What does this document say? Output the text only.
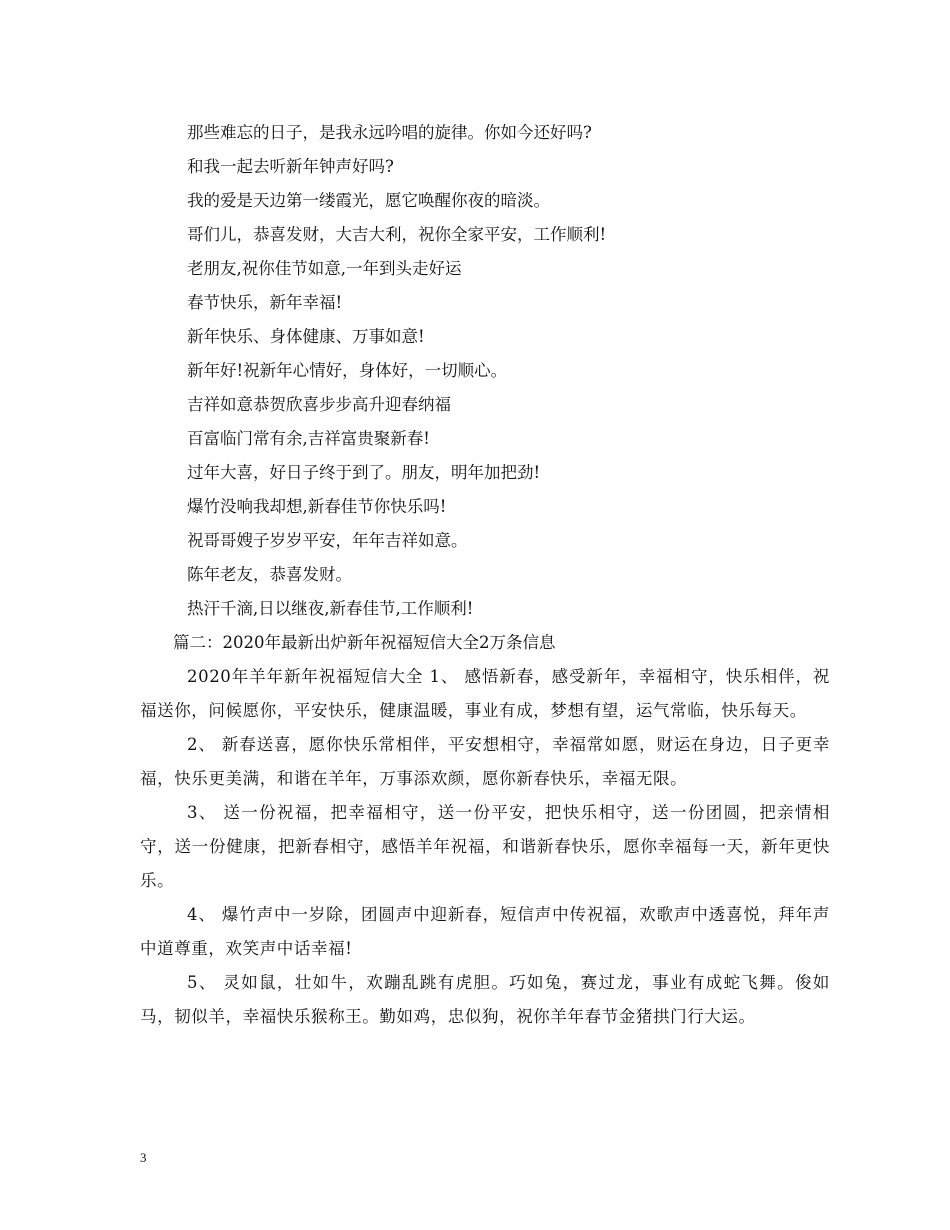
那些难忘的日子，是我永远吟唱的旋律。你如今还好吗?
和我一起去听新年钟声好吗?
我的爱是天边第一缕霞光，愿它唤醒你夜的暗淡。
哥们儿，恭喜发财，大吉大利，祝你全家平安，工作顺利!
老朋友,祝你佳节如意,一年到头走好运
春节快乐，新年幸福!
新年快乐、身体健康、万事如意!
新年好!祝新年心情好，身体好，一切顺心。
吉祥如意恭贺欣喜步步高升迎春纳福
百富临门常有余,吉祥富贵聚新春!
过年大喜，好日子终于到了。朋友，明年加把劲!
爆竹没响我却想,新春佳节你快乐吗!
祝哥哥嫂子岁岁平安，年年吉祥如意。
陈年老友，恭喜发财。
热汗千滴,日以继夜,新春佳节,工作顺利!
篇二：2020年最新出炉新年祝福短信大全2万条信息
2020年羊年新年祝福短信大全 1、 感悟新春，感受新年，幸福相守，快乐相伴，祝福送你，问候愿你，平安快乐，健康温暖，事业有成，梦想有望，运气常临，快乐每天。
2、 新春送喜，愿你快乐常相伴，平安想相守，幸福常如愿，财运在身边，日子更幸福，快乐更美满，和谐在羊年，万事添欢颜，愿你新春快乐，幸福无限。
3、 送一份祝福，把幸福相守，送一份平安，把快乐相守，送一份团圆，把亲情相守，送一份健康，把新春相守，感悟羊年祝福，和谐新春快乐，愿你幸福每一天，新年更快乐。
4、 爆竹声中一岁除，团圆声中迎新春，短信声中传祝福，欢歌声中透喜悦，拜年声中道尊重，欢笑声中话幸福!
5、 灵如鼠，壮如牛，欢蹦乱跳有虎胆。巧如兔，赛过龙，事业有成蛇飞舞。俊如马，韧似羊，幸福快乐猴称王。勤如鸡，忠似狗，祝你羊年春节金猪拱门行大运。
3
